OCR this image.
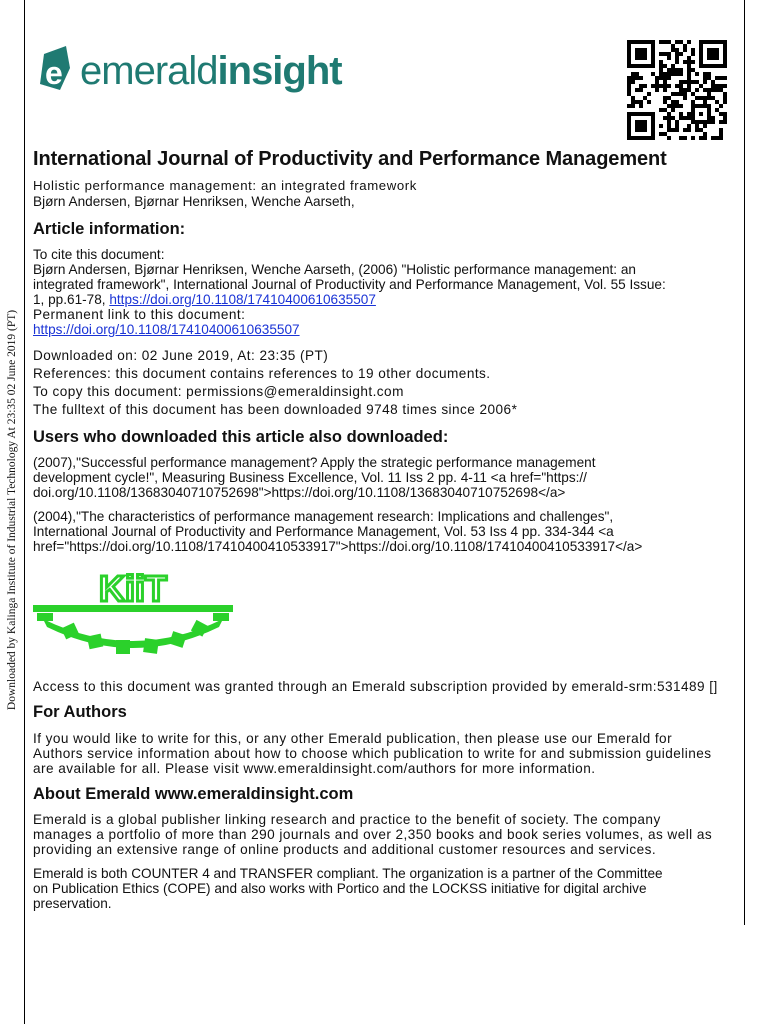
Downloaded by Kalinga Institute of Industrial Technology At 23:35 02 June 2019 (PT)
e emeraldinsight
International Journal of Productivity and Performance Management
Holistic performance management: an integrated framework
Bjørn Andersen, Bjørnar Henriksen, Wenche Aarseth,
Article information:
To cite this document:
Bjørn Andersen, Bjørnar Henriksen, Wenche Aarseth, (2006) "Holistic performance management: an
integrated framework", International Journal of Productivity and Performance Management, Vol. 55 Issue:
1, pp.61-78, https://doi.org/10.1108/17410400610635507
Permanent link to this document:
https://doi.org/10.1108/17410400610635507
Downloaded on: 02 June 2019, At: 23:35 (PT)
References: this document contains references to 19 other documents.
To copy this document: permissions@emeraldinsight.com
The fulltext of this document has been downloaded 9748 times since 2006*
Users who downloaded this article also downloaded:
(2007),"Successful performance management? Apply the strategic performance management
development cycle!", Measuring Business Excellence, Vol. 11 Iss 2 pp. 4-11 <a href="https://
doi.org/10.1108/13683040710752698">https://doi.org/10.1108/13683040710752698</a>
(2004),"The characteristics of performance management research: Implications and challenges",
International Journal of Productivity and Performance Management, Vol. 53 Iss 4 pp. 334-344 <a
href="https://doi.org/10.1108/17410400410533917">https://doi.org/10.1108/17410400410533917</a>
KiiT
Access to this document was granted through an Emerald subscription provided by emerald-srm:531489 []
For Authors
If you would like to write for this, or any other Emerald publication, then please use our Emerald for
Authors service information about how to choose which publication to write for and submission guidelines
are available for all. Please visit www.emeraldinsight.com/authors for more information.
About Emerald www.emeraldinsight.com
Emerald is a global publisher linking research and practice to the benefit of society. The company
manages a portfolio of more than 290 journals and over 2,350 books and book series volumes, as well as
providing an extensive range of online products and additional customer resources and services.
Emerald is both COUNTER 4 and TRANSFER compliant. The organization is a partner of the Committee
on Publication Ethics (COPE) and also works with Portico and the LOCKSS initiative for digital archive
preservation.
